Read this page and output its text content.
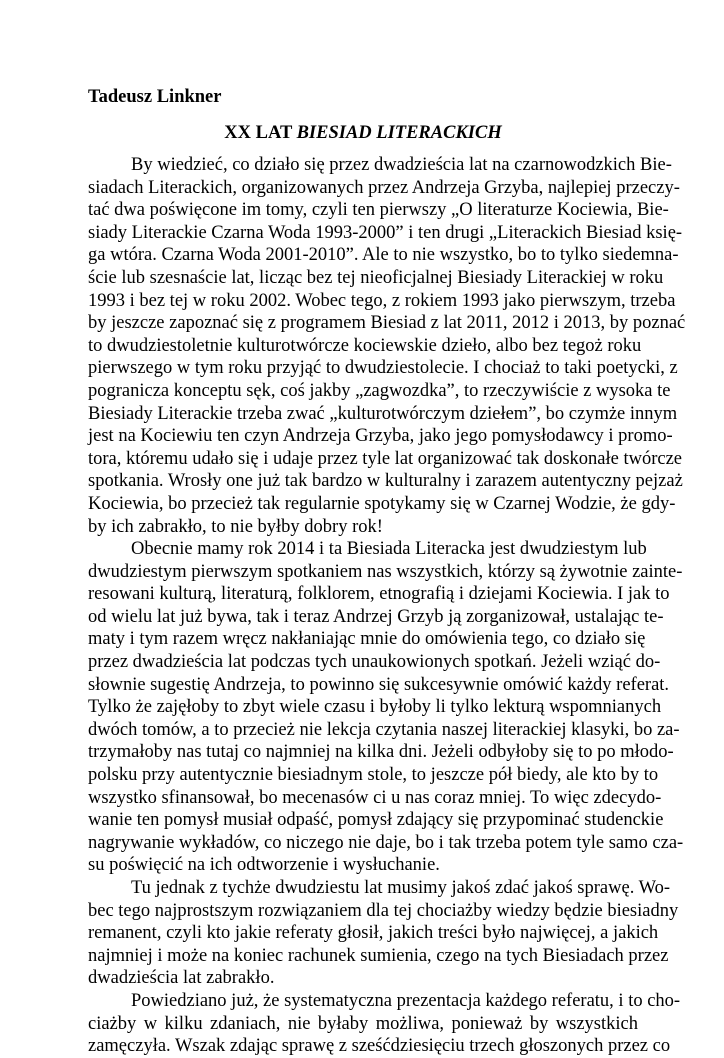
Tadeusz Linkner
XX LAT BIESIAD LITERACKICH
By wiedzieć, co działo się przez dwadzieścia lat na czarnowodzkich Bie-
siadach Literackich, organizowanych przez Andrzeja Grzyba, najlepiej przeczy-
tać dwa poświęcone im tomy, czyli ten pierwszy „O literaturze Kociewia, Bie-
siady Literackie Czarna Woda 1993-2000” i ten drugi „Literackich Biesiad księ-
ga wtóra. Czarna Woda 2001-2010”. Ale to nie wszystko, bo to tylko siedemna-
ście lub szesnaście lat, licząc bez tej nieoficjalnej Biesiady Literackiej w roku
1993 i bez tej w roku 2002. Wobec tego, z rokiem 1993 jako pierwszym, trzeba
by jeszcze zapoznać się z programem Biesiad z lat 2011, 2012 i 2013, by poznać
to dwudziestoletnie kulturotwórcze kociewskie dzieło, albo bez tegoż roku
pierwszego w tym roku przyjąć to dwudziestolecie. I chociaż to taki poetycki, z
pogranicza konceptu sęk, coś jakby „zagwozdka”, to rzeczywiście z wysoka te
Biesiady Literackie trzeba zwać „kulturotwórczym dziełem”, bo czymże innym
jest na Kociewiu ten czyn Andrzeja Grzyba, jako jego pomysłodawcy i promo-
tora, któremu udało się i udaje przez tyle lat organizować tak doskonałe twórcze
spotkania. Wrosły one już tak bardzo w kulturalny i zarazem autentyczny pejzaż
Kociewia, bo przecież tak regularnie spotykamy się w Czarnej Wodzie, że gdy-
by ich zabrakło, to nie byłby dobry rok!
Obecnie mamy rok 2014 i ta Biesiada Literacka jest dwudziestym lub
dwudziestym pierwszym spotkaniem nas wszystkich, którzy są żywotnie zainte-
resowani kulturą, literaturą, folklorem, etnografią i dziejami Kociewia. I jak to
od wielu lat już bywa, tak i teraz Andrzej Grzyb ją zorganizował, ustalając te-
maty i tym razem wręcz nakłaniając mnie do omówienia tego, co działo się
przez dwadzieścia lat podczas tych unaukowionych spotkań. Jeżeli wziąć do-
słownie sugestię Andrzeja, to powinno się sukcesywnie omówić każdy referat.
Tylko że zajęłoby to zbyt wiele czasu i byłoby li tylko lekturą wspomnianych
dwóch tomów, a to przecież nie lekcja czytania naszej literackiej klasyki, bo za-
trzymałoby nas tutaj co najmniej na kilka dni. Jeżeli odbyłoby się to po młodo-
polsku przy autentycznie biesiadnym stole, to jeszcze pół biedy, ale kto by to
wszystko sfinansował, bo mecenasów ci u nas coraz mniej. To więc zdecydo-
wanie ten pomysł musiał odpaść, pomysł zdający się przypominać studenckie
nagrywanie wykładów, co niczego nie daje, bo i tak trzeba potem tyle samo cza-
su poświęcić na ich odtworzenie i wysłuchanie.
Tu jednak z tychże dwudziestu lat musimy jakoś zdać jakoś sprawę. Wo-
bec tego najprostszym rozwiązaniem dla tej chociażby wiedzy będzie biesiadny
remanent, czyli kto jakie referaty głosił, jakich treści było najwięcej, a jakich
najmniej i może na koniec rachunek sumienia, czego na tych Biesiadach przez
dwadzieścia lat zabrakło.
Powiedziano już, że systematyczna prezentacja każdego referatu, i to cho-
ciażby w kilku zdaniach, nie byłaby możliwa, ponieważ by wszystkich
zamęczyła. Wszak zdając sprawę z sześćdziesięciu trzech głoszonych przez co
